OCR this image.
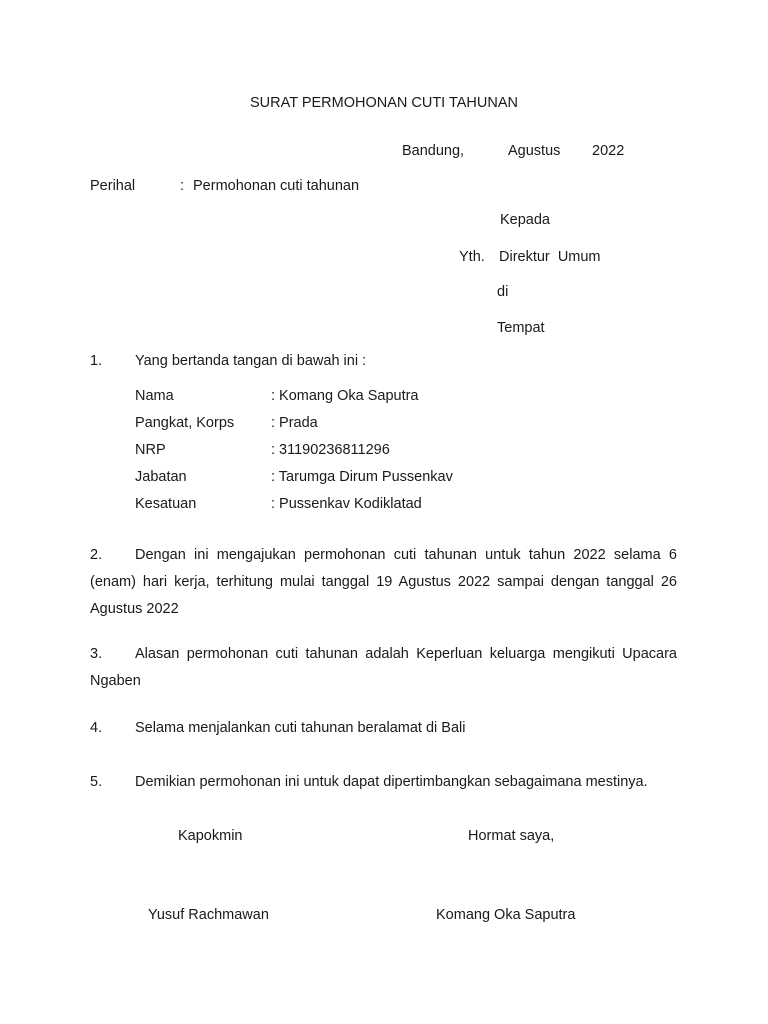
SURAT PERMOHONAN CUTI TAHUNAN
Bandung,	Agustus 2022
Perihal	: Permohonan cuti tahunan
Kepada
Yth. Direktur  Umum
di
Tempat
1. Yang bertanda tangan di bawah ini :
Nama	: Komang Oka Saputra
Pangkat, Korps	: Prada
NRP	: 31190236811296
Jabatan	: Tarumga Dirum Pussenkav
Kesatuan	: Pussenkav Kodiklatad
2. Dengan ini mengajukan permohonan cuti tahunan untuk tahun 2022 selama 6 (enam) hari kerja, terhitung mulai tanggal 19 Agustus 2022 sampai dengan tanggal 26 Agustus 2022
3. Alasan permohonan cuti tahunan adalah Keperluan keluarga mengikuti Upacara Ngaben
4. Selama menjalankan cuti tahunan beralamat di Bali
5. Demikian permohonan ini untuk dapat dipertimbangkan sebagaimana mestinya.
Kapokmin	Hormat saya,
Yusuf Rachmawan	Komang Oka Saputra
